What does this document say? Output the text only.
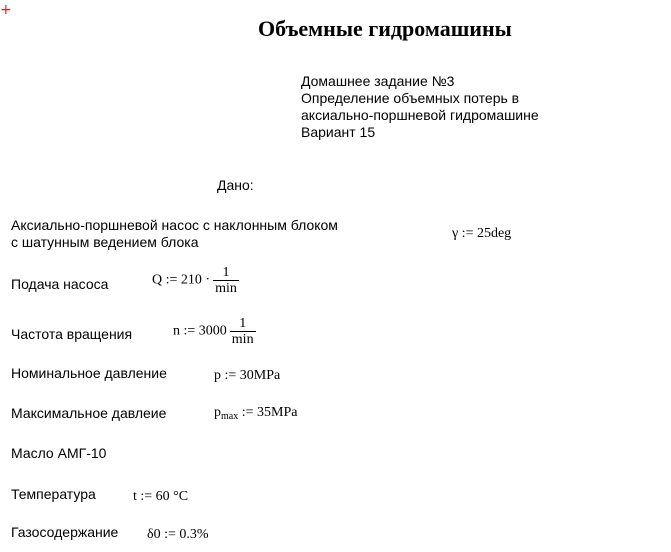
+
Объемные гидромашины
Домашнее задание №3
Определение объемных потерь в
аксиально-поршневой гидромашине
Вариант 15
Дано:
Аксиально-поршневой насос с наклонным блоком
с шатунным ведением блока
γ := 25deg
Подача насоса	Q := $210 \cdot \frac{1}{\min}$
Частота вращения	n := $3000 \frac{1}{\min}$
Номинальное давление	p := 30MPa
Максимальное давлеие	$p_{max}$ := 35MPa
Масло АМГ-10
Температура	t := 60 °C
Газосодержание δ0 := 0.3%
